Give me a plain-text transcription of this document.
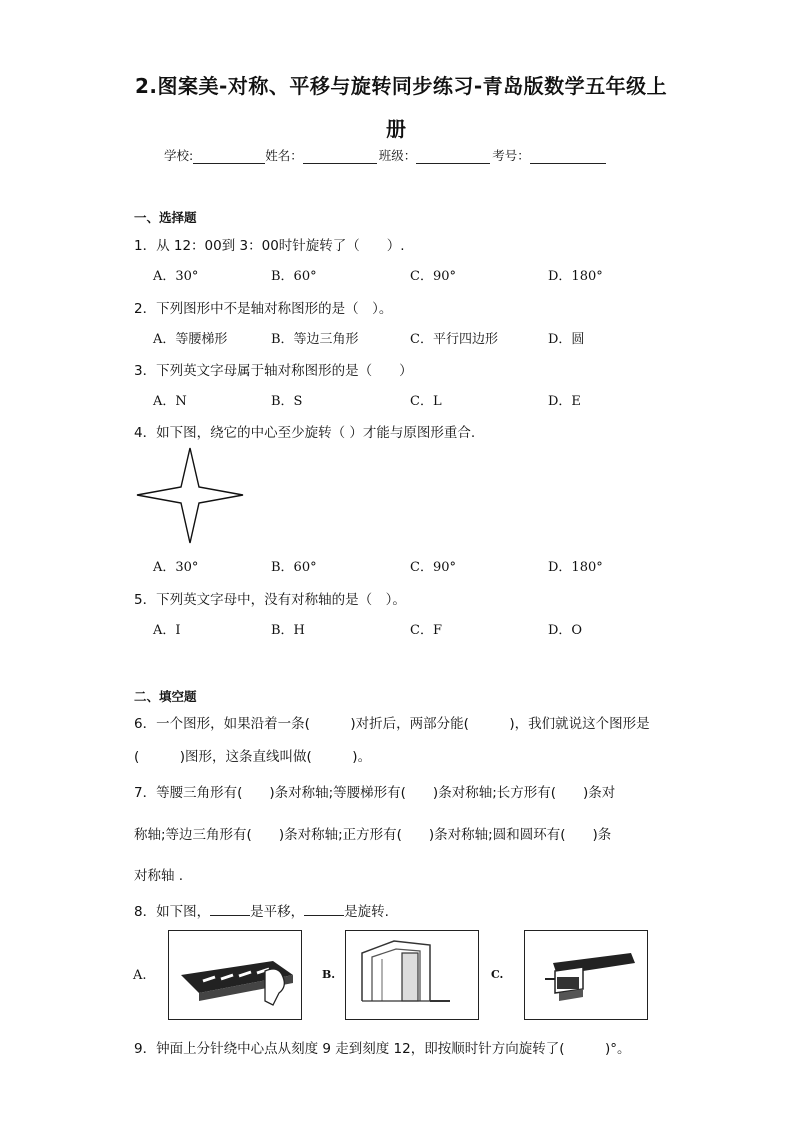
2.图案美-对称、平移与旋转同步练习-青岛版数学五年级上
册
学校:	姓名：	班级：	考号：
一、选择题
1．从 12：00到 3：00时针旋转了（　　）.
A．30°	B．60°	C．90°	D．180°
2．下列图形中不是轴对称图形的是（　）。
A．等腰梯形	B．等边三角形	C．平行四边形	D．圆
3．下列英文字母属于轴对称图形的是（　　）
A．N	B．S	C．L	D．E
4．如下图，绕它的中心至少旋转（ ）才能与原图形重合.
A．30°	B．60°	C．90°	D．180°
5．下列英文字母中，没有对称轴的是（　）。
A．I	B．H	C．F	D．O
二、填空题
6．一个图形，如果沿着一条(　　　)对折后，两部分能(　　　)，我们就说这个图形是
(　　　)图形，这条直线叫做(　　　)。
7．等腰三角形有(　　)条对称轴;等腰梯形有(　　)条对称轴;长方形有(　　)条对
称轴;等边三角形有(　　)条对称轴;正方形有(　　)条对称轴;圆和圆环有(　　)条
对称轴 .
8．如下图，	是平移，	是旋转.
A.	B.	C.
9．钟面上分针绕中心点从刻度 9 走到刻度 12，即按顺时针方向旋转了(　　　)°。
